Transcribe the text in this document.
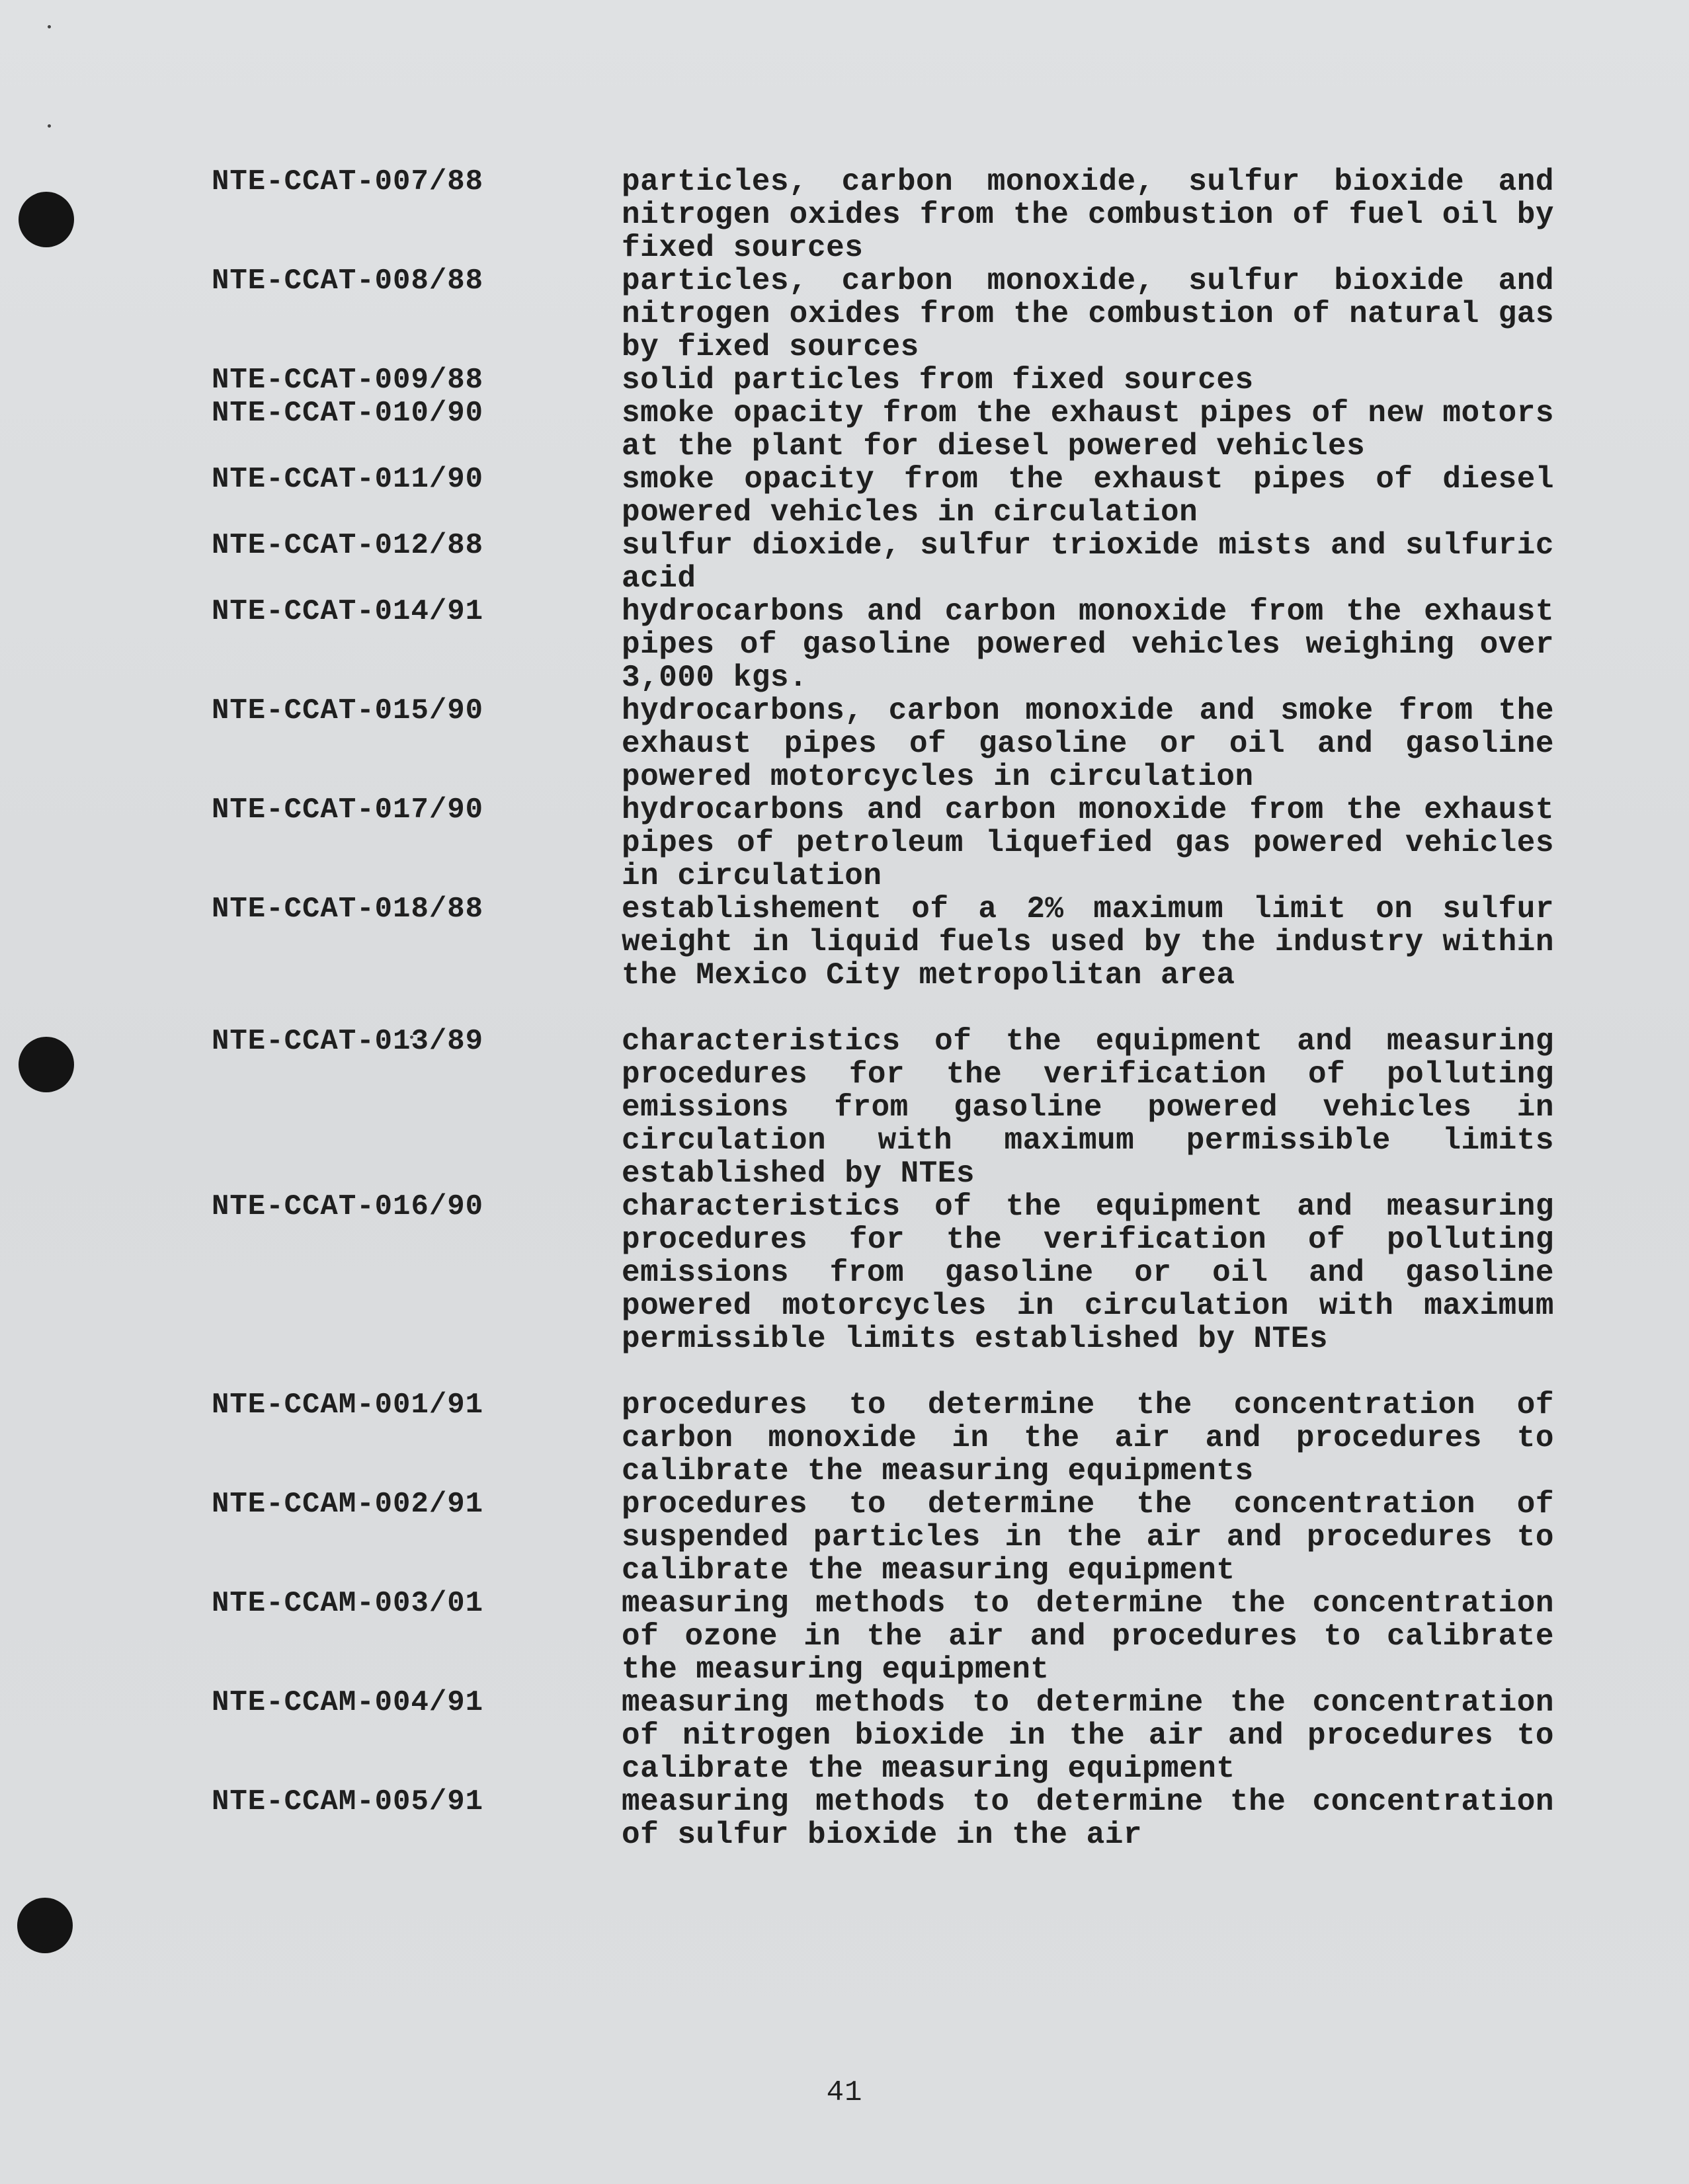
NTE-CCAT-007/88	particles, carbon monoxide, sulfur bioxide and nitrogen oxides from the combustion of fuel oil by fixed sources
NTE-CCAT-008/88	particles, carbon monoxide, sulfur bioxide and nitrogen oxides from the combustion of natural gas by fixed sources
NTE-CCAT-009/88	solid particles from fixed sources
NTE-CCAT-010/90	smoke opacity from the exhaust pipes of new motors at the plant for diesel powered vehicles
NTE-CCAT-011/90	smoke opacity from the exhaust pipes of diesel powered vehicles in circulation
NTE-CCAT-012/88	sulfur dioxide, sulfur trioxide mists and sulfuric acid
NTE-CCAT-014/91	hydrocarbons and carbon monoxide from the exhaust pipes of gasoline powered vehicles weighing over 3,000 kgs.
NTE-CCAT-015/90	hydrocarbons, carbon monoxide and smoke from the exhaust pipes of gasoline or oil and gasoline powered motorcycles in circulation
NTE-CCAT-017/90	hydrocarbons and carbon monoxide from the exhaust pipes of petroleum liquefied gas powered vehicles in circulation
NTE-CCAT-018/88	establishement of a 2% maximum limit on sulfur weight in liquid fuels used by the industry within the Mexico City metropolitan area
NTE-CCAT-013/89	characteristics of the equipment and measuring procedures for the verification of polluting emissions from gasoline powered vehicles in circulation with maximum permissible limits established by NTEs
NTE-CCAT-016/90	characteristics of the equipment and measuring procedures for the verification of polluting emissions from gasoline or oil and gasoline powered motorcycles in circulation with maximum permissible limits established by NTEs
NTE-CCAM-001/91	procedures to determine the concentration of carbon monoxide in the air and procedures to calibrate the measuring equipments
NTE-CCAM-002/91	procedures to determine the concentration of suspended particles in the air and procedures to calibrate the measuring equipment
NTE-CCAM-003/01	measuring methods to determine the concentration of ozone in the air and procedures to calibrate the measuring equipment
NTE-CCAM-004/91	measuring methods to determine the concentration of nitrogen bioxide in the air and procedures to calibrate the measuring equipment
NTE-CCAM-005/91	measuring methods to determine the concentration of sulfur bioxide in the air
41
